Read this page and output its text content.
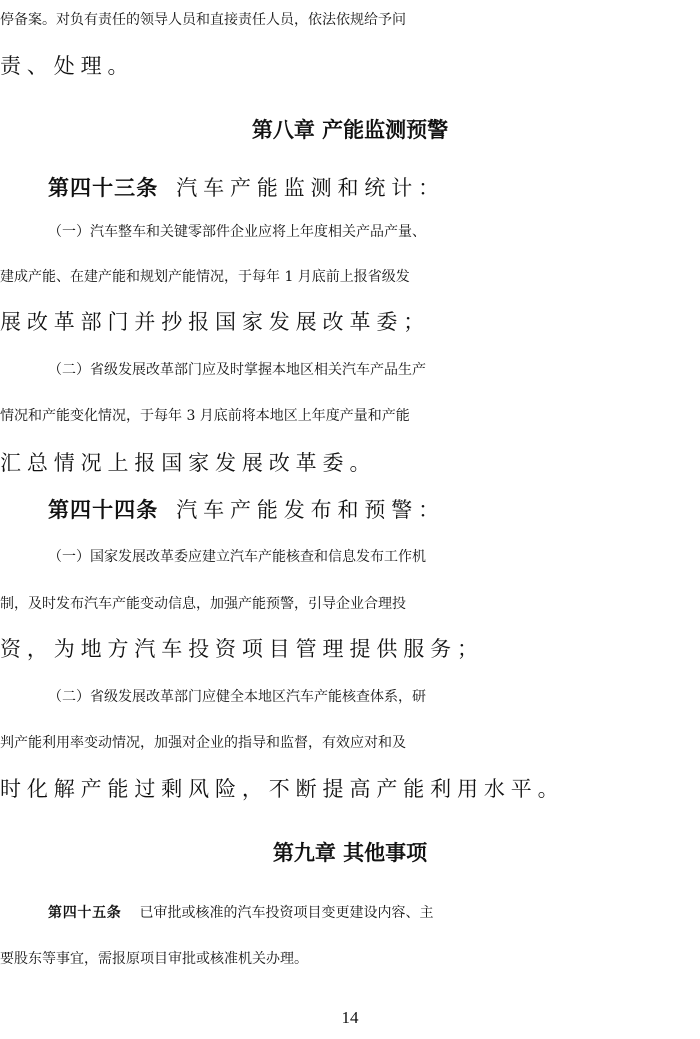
停备案。对负有责任的领导人员和直接责任人员，依法依规给予问
责、处理。
第八章 产能监测预警
第四十三条 汽车产能监测和统计：
（一）汽车整车和关键零部件企业应将上年度相关产品产量、
建成产能、在建产能和规划产能情况，于每年 1 月底前上报省级发
展改革部门并抄报国家发展改革委；
（二）省级发展改革部门应及时掌握本地区相关汽车产品生产
情况和产能变化情况，于每年 3 月底前将本地区上年度产量和产能
汇总情况上报国家发展改革委。
第四十四条 汽车产能发布和预警：
（一）国家发展改革委应建立汽车产能核查和信息发布工作机
制，及时发布汽车产能变动信息，加强产能预警，引导企业合理投
资，为地方汽车投资项目管理提供服务；
（二）省级发展改革部门应健全本地区汽车产能核查体系，研
判产能利用率变动情况，加强对企业的指导和监督，有效应对和及
时化解产能过剩风险，不断提高产能利用水平。
第九章 其他事项
第四十五条 已审批或核准的汽车投资项目变更建设内容、主
要股东等事宜，需报原项目审批或核准机关办理。
14
